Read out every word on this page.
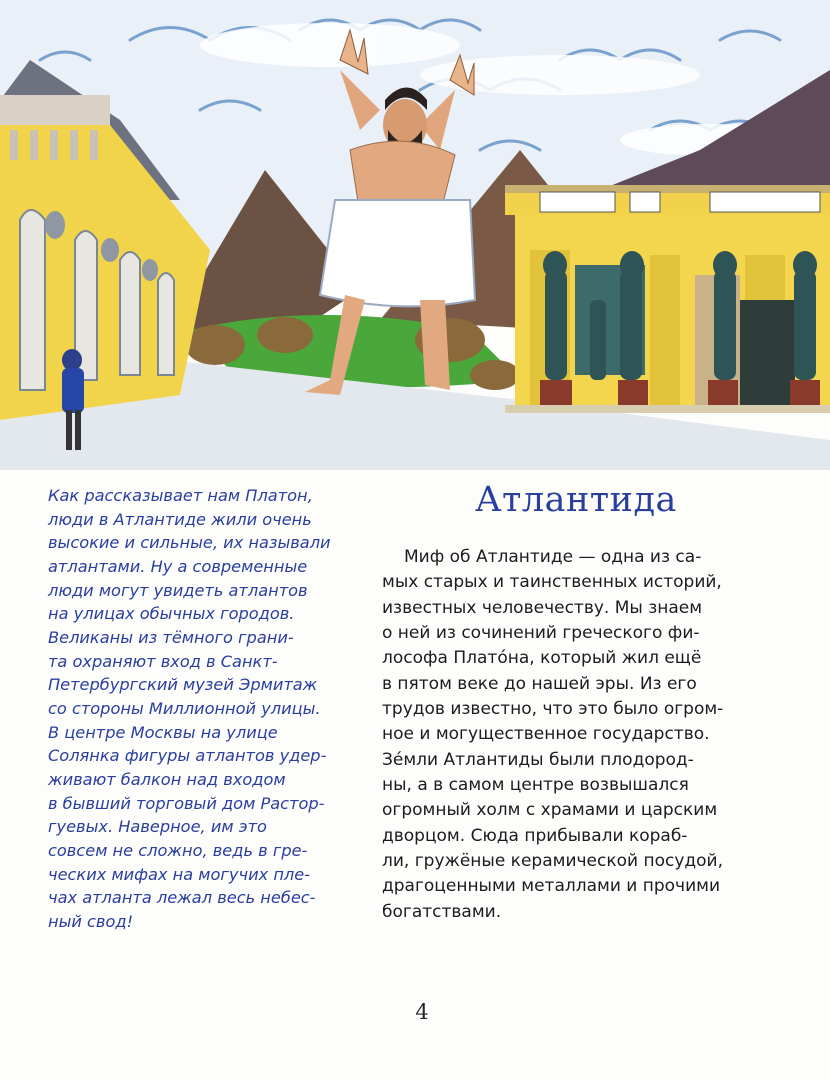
Как рассказывает нам Платон,
люди в Атлантиде жили очень
высокие и сильные, их называли
атлантами. Ну а современные
люди могут увидеть атлантов
на улицах обычных городов.
Великаны из тёмного грани-
та охраняют вход в Санкт-
Петербургский музей Эрмитаж
со стороны Миллионной улицы.
В центре Москвы на улице
Солянка фигуры атлантов удер-
живают балкон над входом
в бывший торговый дом Растор-
гуевых. Наверное, им это
совсем не сложно, ведь в гре-
ческих мифах на могучих пле-
чах атланта лежал весь небес-
ный свод!
Атлантида
Миф об Атлантиде — одна из са-
мых старых и таинственных историй,
известных человечеству. Мы знаем
о ней из сочинений греческого фи-
лософа Платóна, который жил ещё
в пятом веке до нашей эры. Из его
трудов известно, что это было огром-
ное и могущественное государство.
Зéмли Атлантиды были плодород-
ны, а в самом центре возвышался
огромный холм с храмами и царским
дворцом. Сюда прибывали кораб-
ли, гружёные керамической посудой,
драгоценными металлами и прочими
богатствами.
4
